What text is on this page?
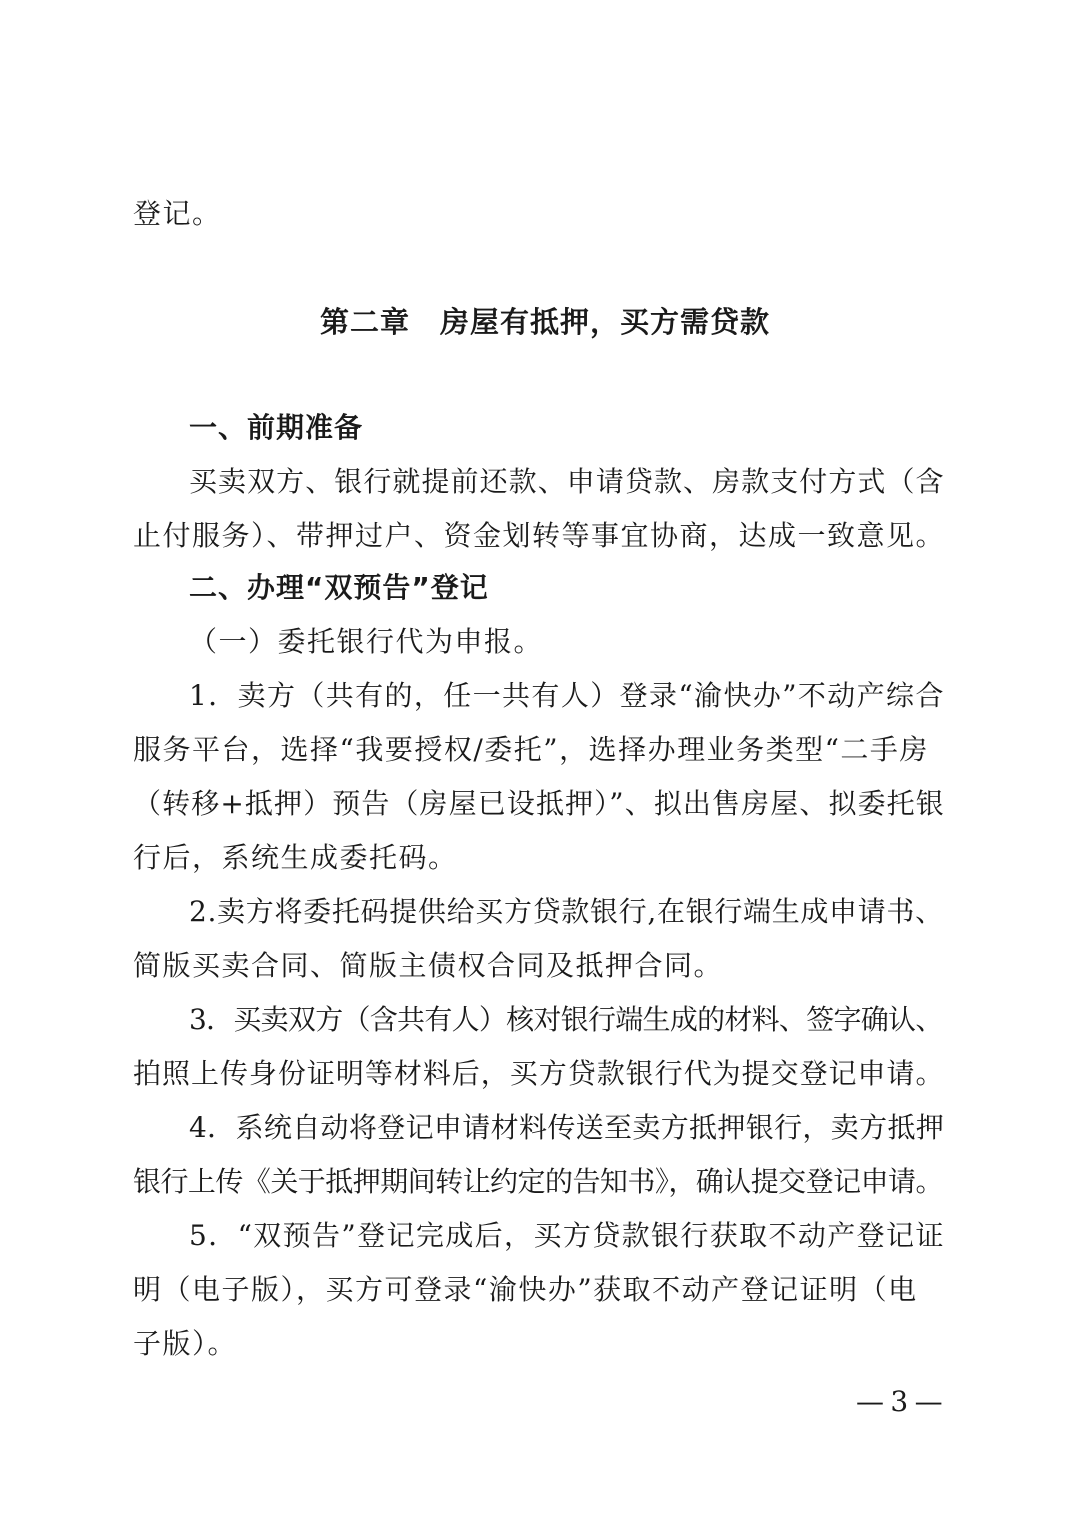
登记。
第二章　房屋有抵押，买方需贷款
一、前期准备
买卖双方、银行就提前还款、申请贷款、房款支付方式（含
止付服务）、带押过户、资金划转等事宜协商，达成一致意见。
二、办理“双预告”登记
（一）委托银行代为申报。
1．卖方（共有的，任一共有人）登录“渝快办”不动产综合
服务平台，选择“我要授权/委托”，选择办理业务类型“二手房
（转移+抵押）预告（房屋已设抵押）”、拟出售房屋、拟委托银
行后，系统生成委托码。
2.卖方将委托码提供给买方贷款银行,在银行端生成申请书、
简版买卖合同、简版主债权合同及抵押合同。
3．买卖双方（含共有人）核对银行端生成的材料、签字确认、
拍照上传身份证明等材料后，买方贷款银行代为提交登记申请。
4．系统自动将登记申请材料传送至卖方抵押银行，卖方抵押
银行上传《关于抵押期间转让约定的告知书》，确认提交登记申请。
5．“双预告”登记完成后，买方贷款银行获取不动产登记证
明（电子版），买方可登录“渝快办”获取不动产登记证明（电
子版）。
— 3 —
